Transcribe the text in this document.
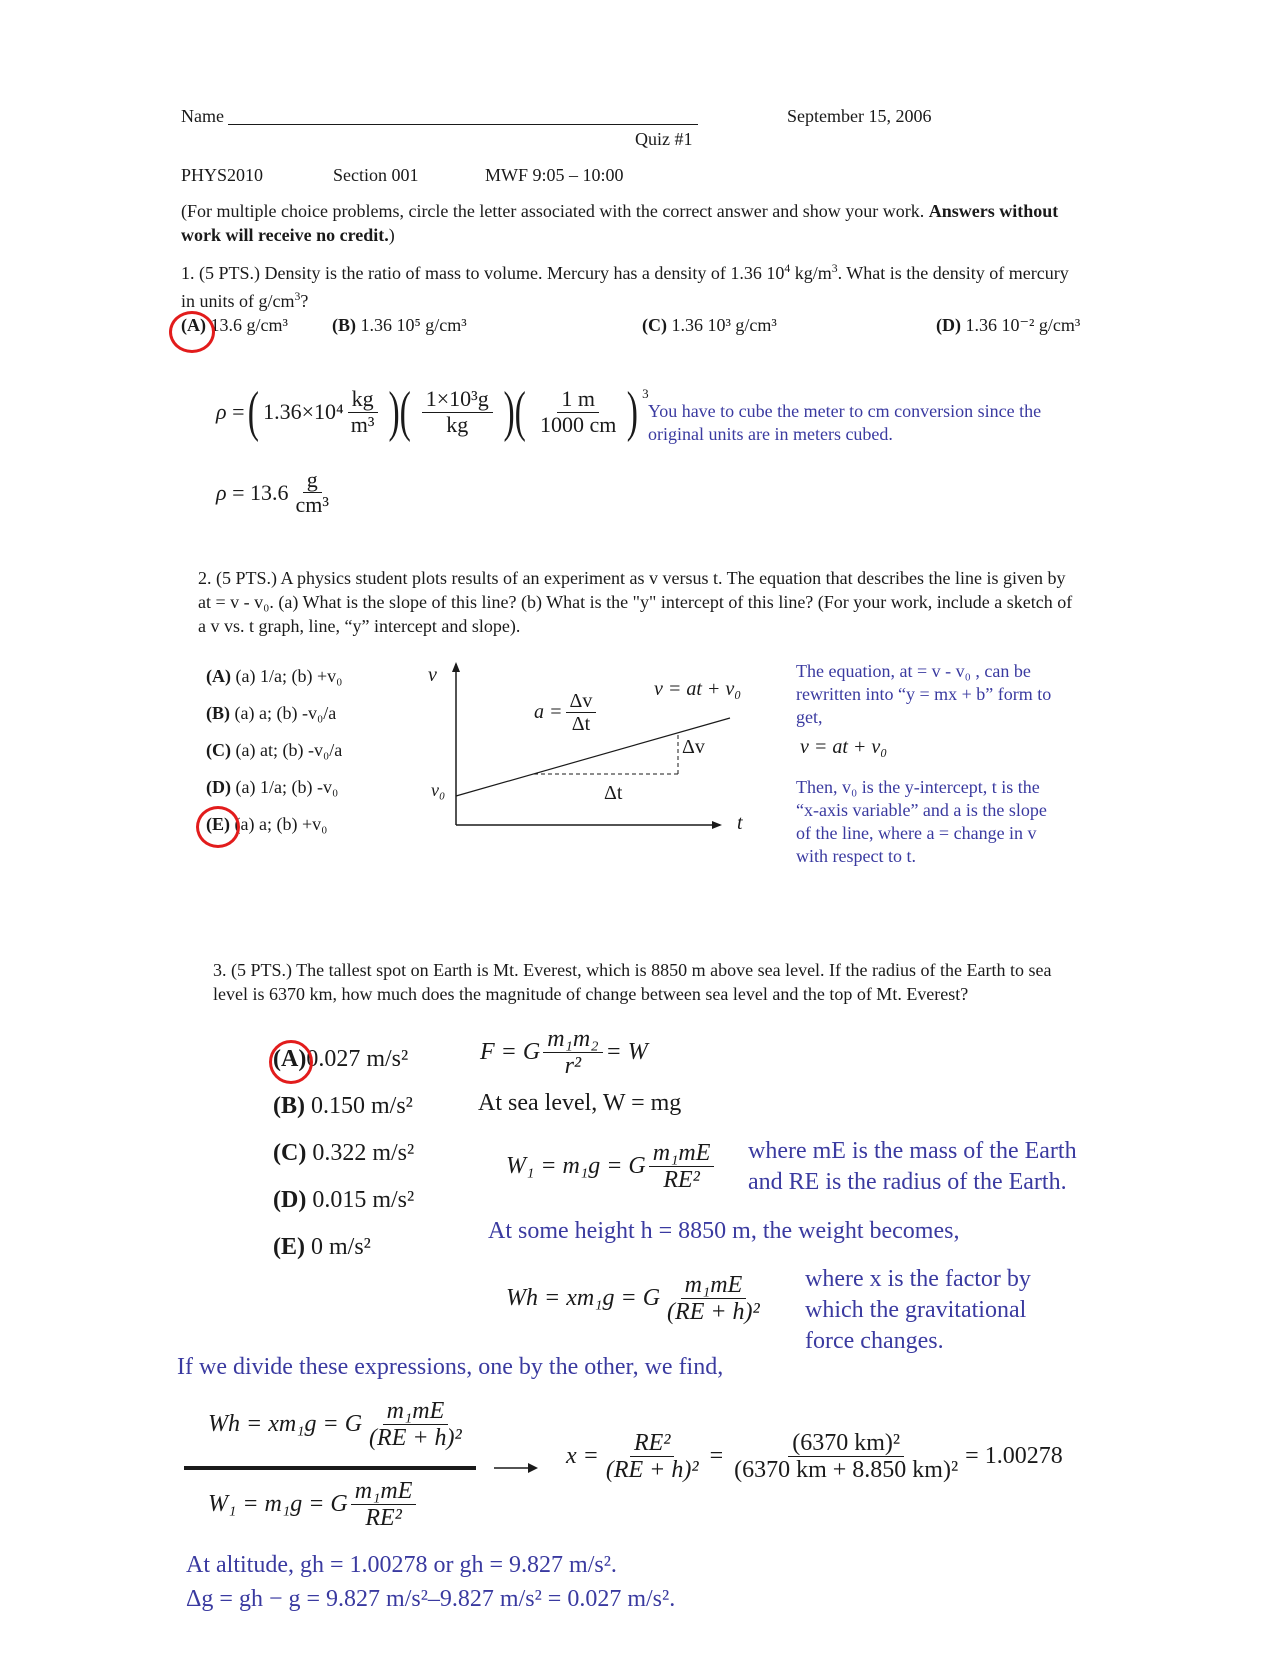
Name	September 15, 2006
Quiz #1
PHYS2010	Section 001	MWF 9:05 – 10:00
(For multiple choice problems, circle the letter associated with the correct answer and show your work. Answers without work will receive no credit.)
1. (5 PTS.) Density is the ratio of mass to volume. Mercury has a density of 1.36 $10^4$ $kg/m^3$. What is the density of mercury in units of $g/cm^3$?
(A) 13.6 g/cm³ (B) 1.36 10⁵ g/cm³	(C) 1.36 10³ g/cm³	(D) 1.36 10⁻² g/cm³
ρ = ( $1.36\times 10^4 \frac{kg}{\text{m³}}$ )( $\frac{\text{1×10³g}}{kg}$ )( $\frac{1 m}{1000 cm}$ ) $^3$
You have to cube the meter to cm conversion since the original units are in meters cubed.
$\rho = 13.6 \frac{g}{\text{cm³}}$
2. (5 PTS.) A physics student plots results of an experiment as v versus t. The equation that describes the line is given by at = v - v₀. (a) What is the slope of this line? (b) What is the "y" intercept of this line? (For your work, include a sketch of a v vs. t graph, line, “y” intercept and slope).
(A) (a) 1/a; (b) +v₀
(B) (a) a; (b) -v₀/a
(C) (a) at; (b) -v₀/a
(D) (a) 1/a; (b) -v₀
(E) (a) a; (b) +v₀
v
t
v₀
v = at + v₀
$a = \frac{\Delta v}{\Delta t}$
Δv
Δt
The equation, at = v - v₀ , can be rewritten into “y = mx + b” form to get,
v = at + v₀
Then, v₀ is the y-intercept, t is the “x-axis variable” and a is the slope of the line, where a = change in v with respect to t.
3. (5 PTS.) The tallest spot on Earth is Mt. Everest, which is 8850 m above sea level. If the radius of the Earth to sea level is 6370 km, how much does the magnitude of change between sea level and the top of Mt. Everest?
(A)0.027 m/s²
(B) 0.150 m/s²
(C) 0.322 m/s²
(D) 0.015 m/s²
(E) 0 m/s²
F = G $\frac{\text{m₁m₂}}{\text{r²}} = W$
At sea level, W = mg
W₁ = m₁g = G $\frac{\text{m₁mE}}{\text{RE²}}$ where mE is the mass of the Earth
and RE is the radius of the Earth.
At some height h = 8850 m, the weight becomes,
Wh = xm₁g = G $\frac{\text{m₁mE}}{\text{(RE + h)²}}$ where x is the factor by
which the gravitational
force changes.
If we divide these expressions, one by the other, we find,
Wh = xm₁g = G $\frac{\text{m₁mE}}{\text{(RE + h)²}}$
W₁ = m₁g = G $\frac{\text{m₁mE}}{\text{RE²}}$
$x = \frac{\text{RE²}}{\text{(RE + h)²}} = \frac{\text{(6370 km)²}}{\text{(6370 km + 8.850 km)²}} = 1.00278$
At altitude, gh = 1.00278 or gh = 9.827 m/s².
Δg = gh − g = 9.827 m/s²–9.827 m/s² = 0.027 m/s².
